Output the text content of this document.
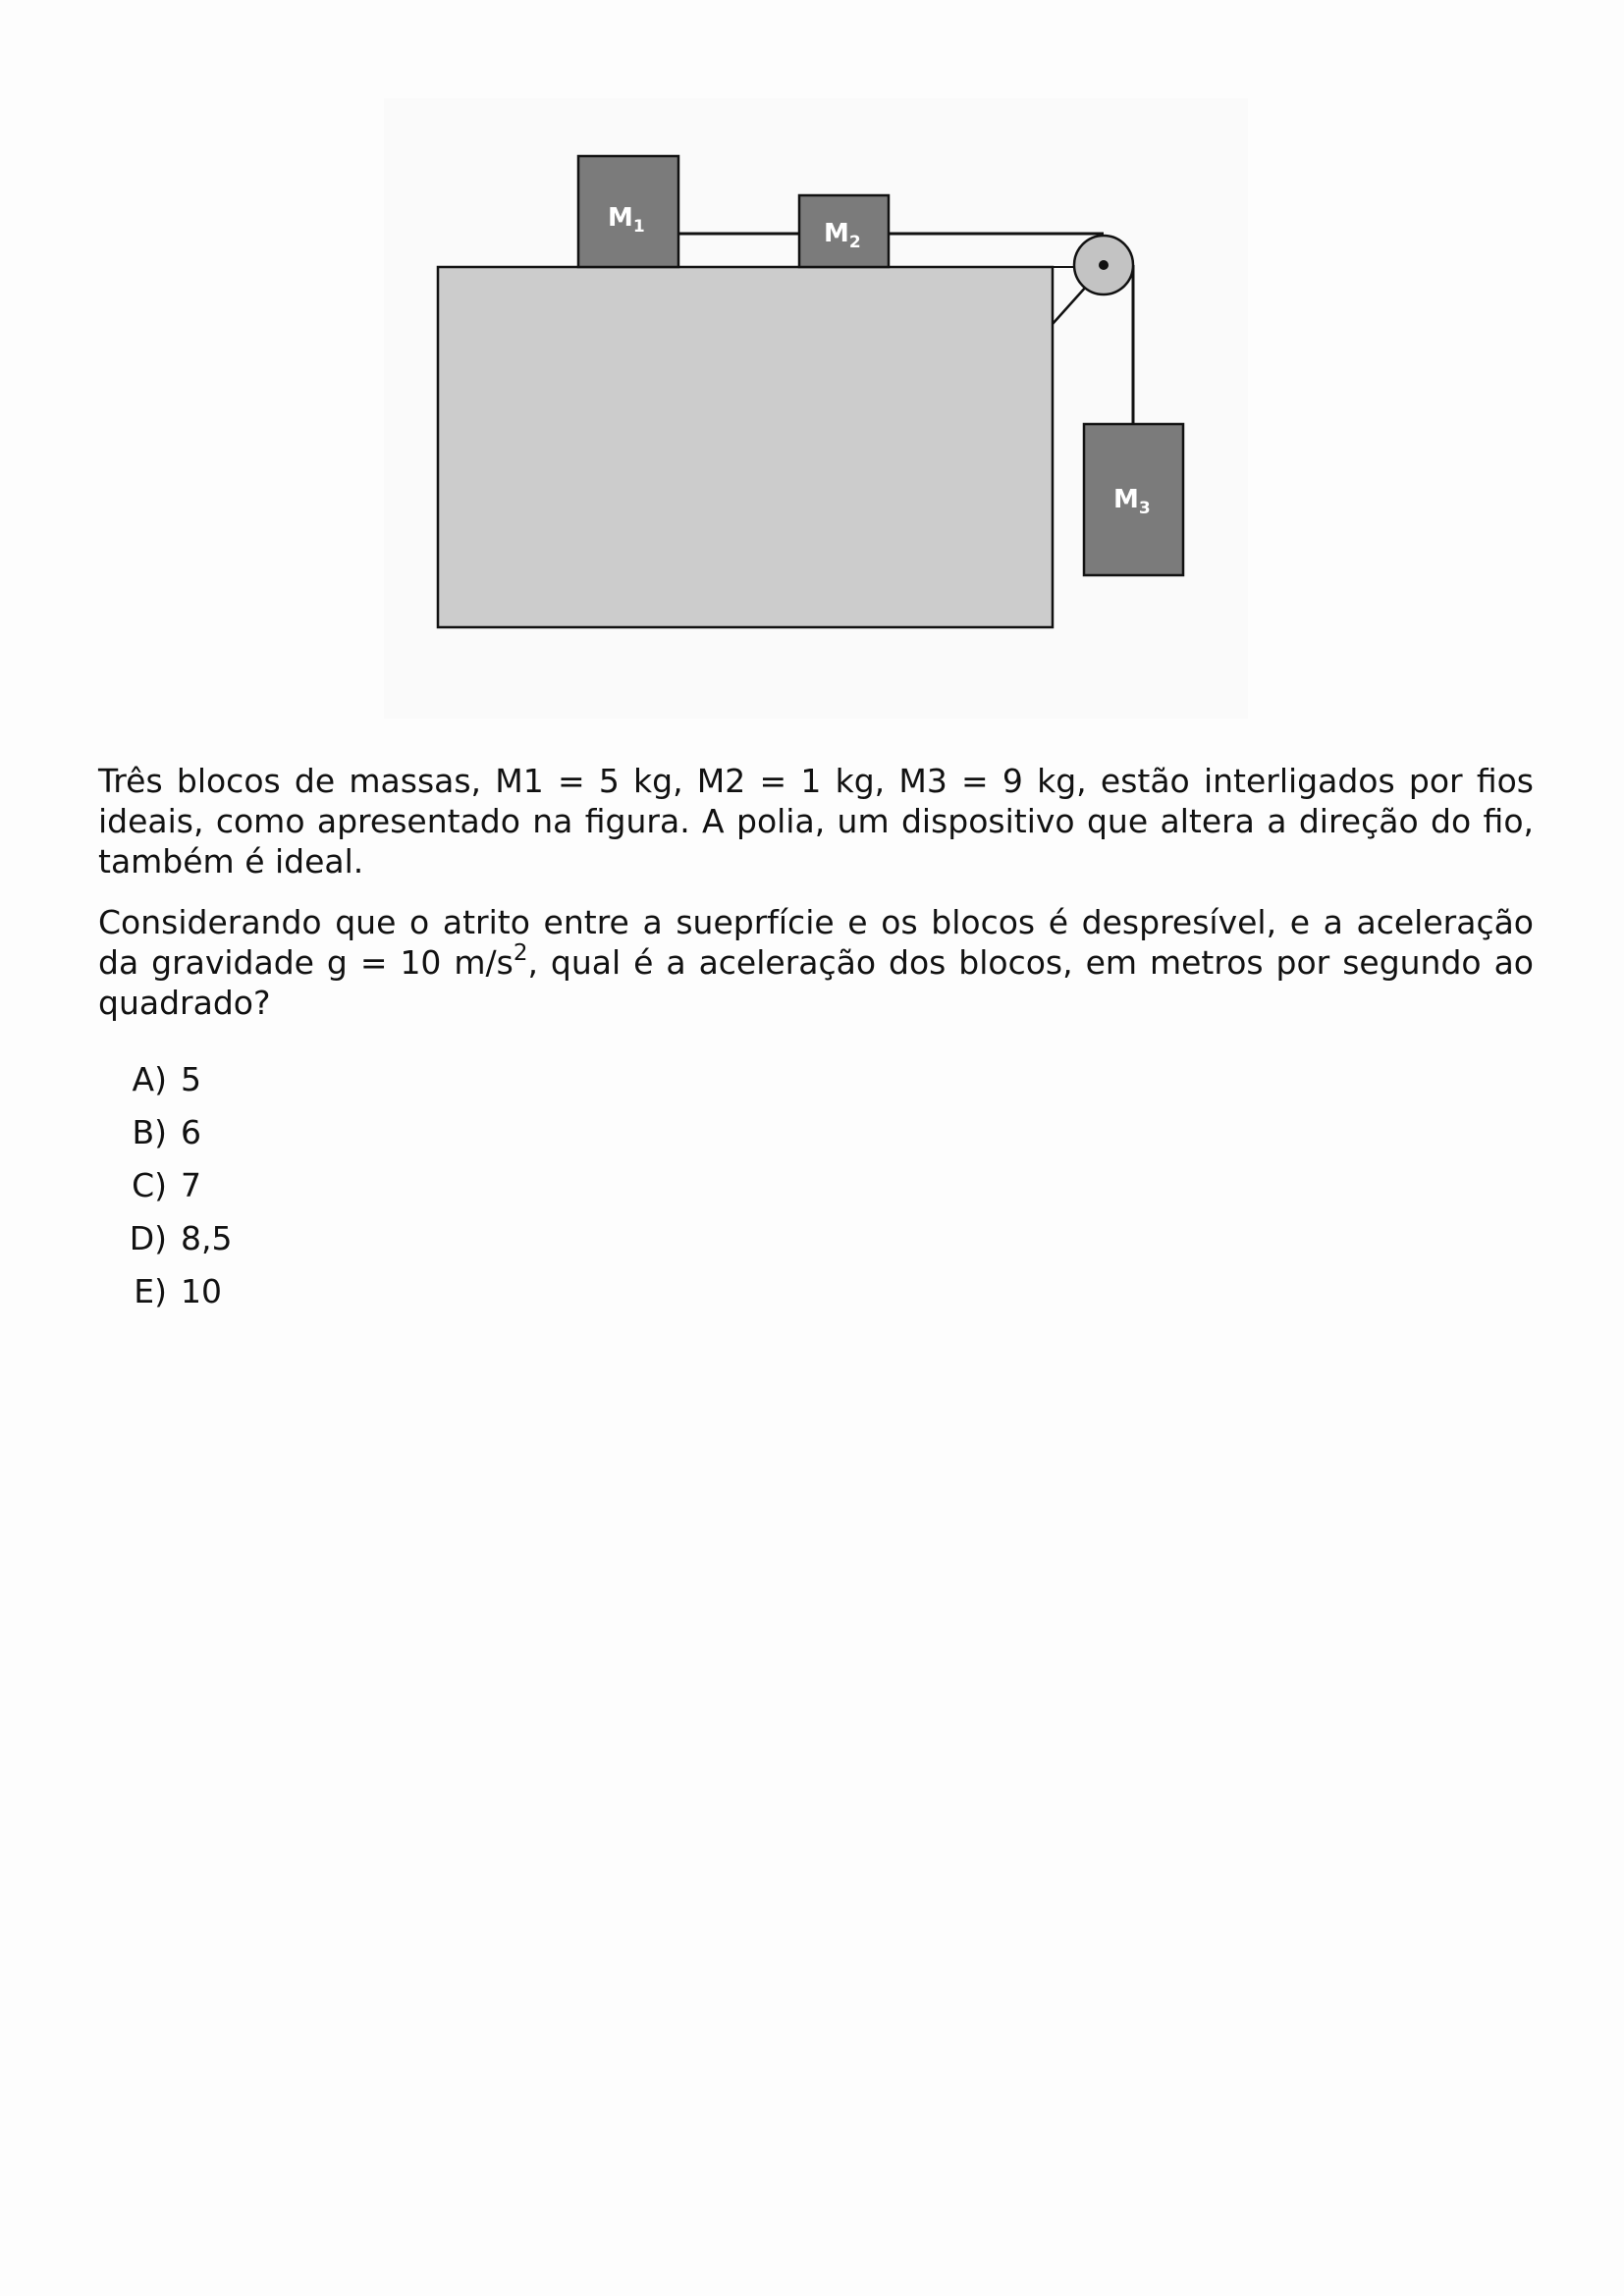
$M_1$	$M_2$
$M_3$

Três blocos de massas, M1 = 5 kg, M2 = 1 kg, M3 = 9 kg, estão interligados por fios ideais, como apresentado na figura. A polia, um dispositivo que altera a direção do fio, também é ideal.

Considerando que o atrito entre a sueprfície e os blocos é despresível, e a aceleração da gravidade g = 10 $m/s^2$, qual é a aceleração dos blocos, em metros por segundo ao quadrado?

A) 5
B) 6
C) 7
D) 8,5
E) 10
